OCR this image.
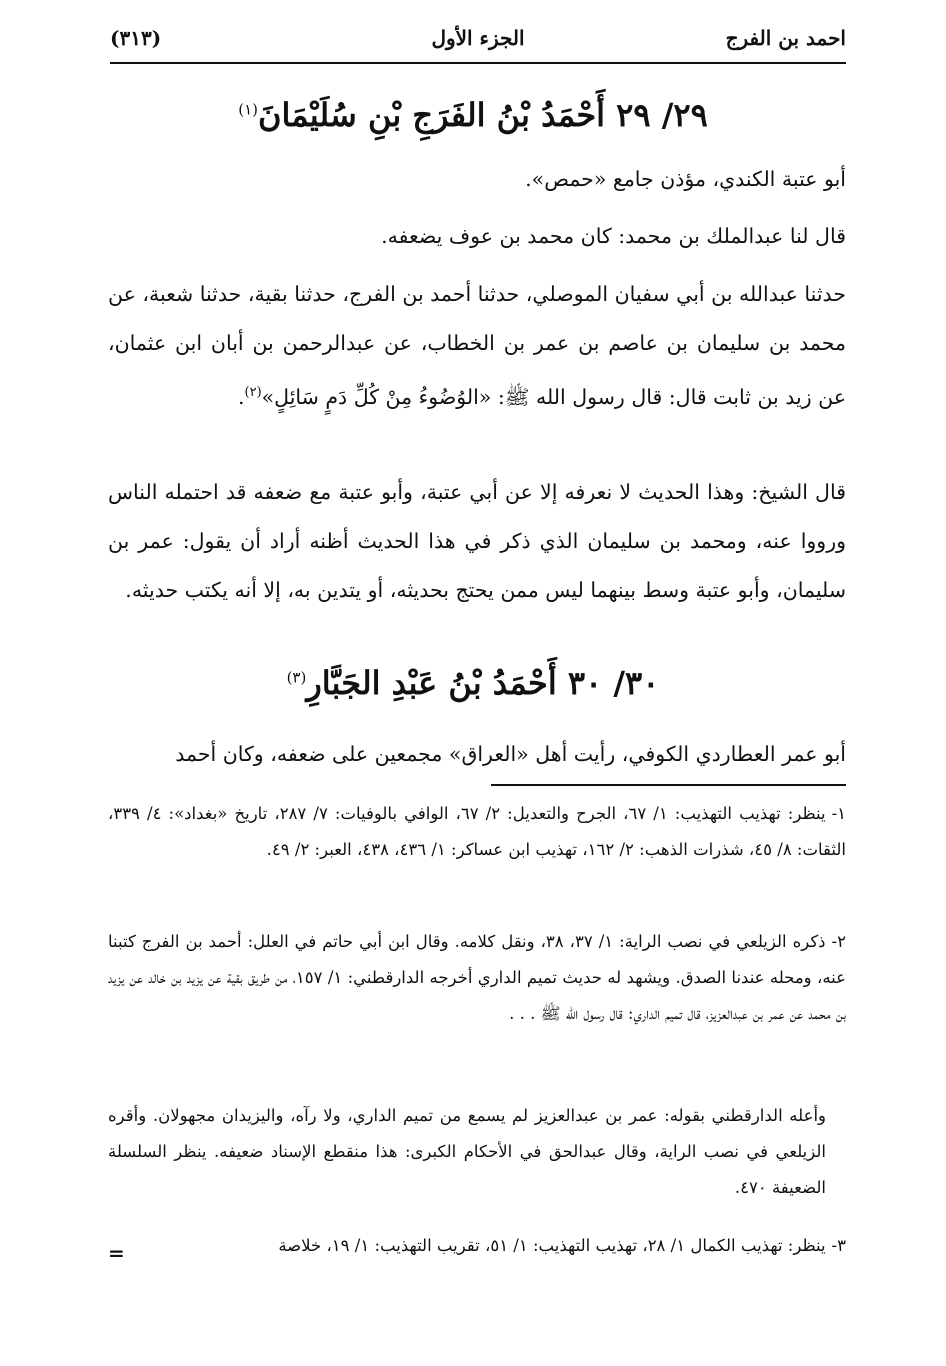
احمد بن الفرج
الجزء الأول
(٣١٣)
٢٩/ ٢٩ أَحْمَدُ بْنُ الفَرَجِ بْنِ سُلَيْمَانَ$^{(١)}$
أبو عتبة الكندي، مؤذن جامع «حمص».
قال لنا عبدالملك بن محمد: كان محمد بن عوف يضعفه.
حدثنا عبدالله بن أبي سفيان الموصلي، حدثنا أحمد بن الفرج، حدثنا بقية، حدثنا شعبة، عن محمد بن سليمان بن عاصم بن عمر بن الخطاب، عن عبدالرحمن بن أبان ابن عثمان، عن زيد بن ثابت قال: قال رسول الله ﷺ: «الوُضُوءُ مِنْ كُلِّ دَمٍ سَائِلٍ»$^{(٢)}$.
قال الشيخ: وهذا الحديث لا نعرفه إلا عن أبي عتبة، وأبو عتبة مع ضعفه قد احتمله الناس ورووا عنه، ومحمد بن سليمان الذي ذكر في هذا الحديث أظنه أراد أن يقول: عمر بن سليمان، وأبو عتبة وسط بينهما ليس ممن يحتج بحديثه، أو يتدين به، إلا أنه يكتب حديثه.
٣٠/ ٣٠ أَحْمَدُ بْنُ عَبْدِ الجَبَّارِ$^{(٣)}$
أبو عمر العطاردي الكوفي، رأيت أهل «العراق» مجمعين على ضعفه، وكان أحمد
١-ينظر: تهذيب التهذيب: ١/ ٦٧، الجرح والتعديل: ٢/ ٦٧، الوافي بالوفيات: ٧/ ٢٨٧، تاريخ «بغداد»: ٤/ ٣٣٩، الثقات: ٨/ ٤٥، شذرات الذهب: ٢/ ١٦٢، تهذيب ابن عساكر: ١/ ٤٣٦، ٤٣٨، العبر: ٢/ ٤٩.
٢-ذكره الزيلعي في نصب الراية: ١/ ٣٧، ٣٨، ونقل كلامه. وقال ابن أبي حاتم في العلل: أحمد بن الفرج كتبنا عنه، ومحله عندنا الصدق. ويشهد له حديث تميم الداري أخرجه الدارقطني: ١/ ١٥٧، من طريق بقية عن يزيد بن خالد عن يزيد بن محمد عن عمر بن عبدالعزيز، قال تميم الداري: قال رسول الله ﷺ . . .
وأعله الدارقطني بقوله: عمر بن عبدالعزيز لم يسمع من تميم الداري، ولا رآه، واليزيدان مجهولان. وأقره الزيلعي في نصب الراية، وقال عبدالحق في الأحكام الكبرى: هذا منقطع الإسناد ضعيفه. ينظر السلسلة الضعيفة ٤٧٠.
٣-ينظر: تهذيب الكمال ١/ ٢٨، تهذيب التهذيب: ١/ ٥١، تقريب التهذيب: ١/ ١٩، خلاصة
=
